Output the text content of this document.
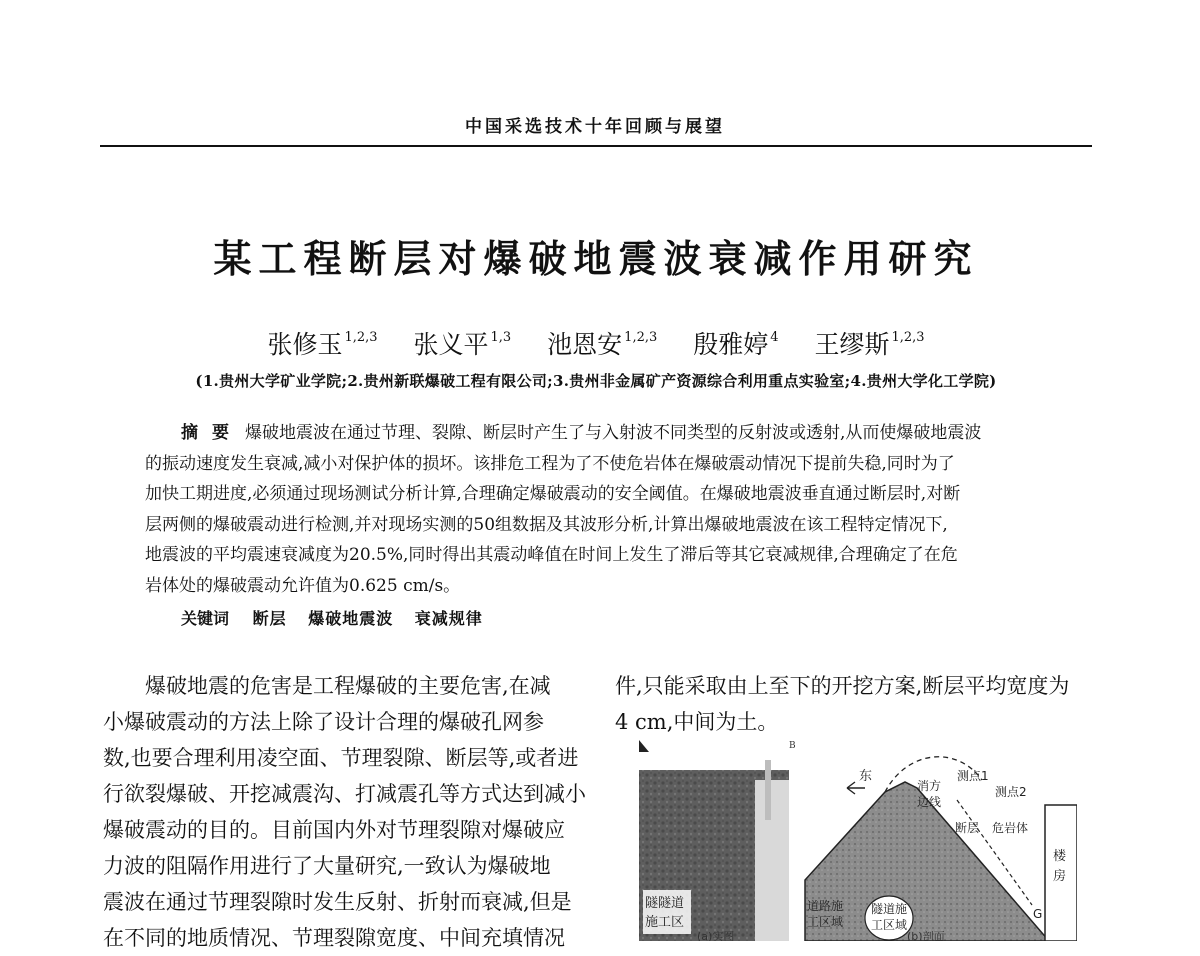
中国采选技术十年回顾与展望
某工程断层对爆破地震波衰减作用研究
张修玉 $^{1,2,3}$ 张义平 $^{1,3}$ 池恩安 $^{1,2,3}$ 殷雅婷 $^4$ 王缪斯 $^{1,2,3}$
(1.贵州大学矿业学院;2.贵州新联爆破工程有限公司;3.贵州非金属矿产资源综合利用重点实验室;4.贵州大学化工学院)
摘要 爆破地震波在通过节理、裂隙、断层时产生了与入射波不同类型的反射波或透射,从而使爆破地震波
的振动速度发生衰减,减小对保护体的损坏。该排危工程为了不使危岩体在爆破震动情况下提前失稳,同时为了
加快工期进度,必须通过现场测试分析计算,合理确定爆破震动的安全阈值。在爆破地震波垂直通过断层时,对断
层两侧的爆破震动进行检测,并对现场实测的50组数据及其波形分析,计算出爆破地震波在该工程特定情况下,
地震波的平均震速衰减度为20.5%,同时得出其震动峰值在时间上发生了滞后等其它衰减规律,合理确定了在危
岩体处的爆破震动允许值为0.625 cm/s。
关键词 断层 爆破地震波 衰减规律
爆破地震的危害是工程爆破的主要危害,在减
小爆破震动的方法上除了设计合理的爆破孔网参
数,也要合理利用凌空面、节理裂隙、断层等,或者进
行欲裂爆破、开挖减震沟、打减震孔等方式达到减小
爆破震动的目的。目前国内外对节理裂隙对爆破应
力波的阻隔作用进行了大量研究,一致认为爆破地
震波在通过节理裂隙时发生反射、折射而衰减,但是
在不同的地质情况、节理裂隙宽度、中间充填情况
件,只能采取由上至下的开挖方案,断层平均宽度为
4 cm,中间为土。
B
隧隧道
施工区
东
消方
边线
测点1
测点2
断层 危岩体
楼
房
G
道路施
工区域
隧道施
工区域
(a)实图	(b)剖面
